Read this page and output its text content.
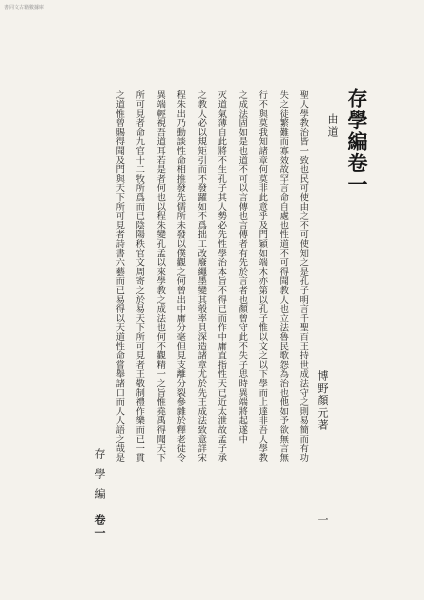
書同文古籍數據庫
存學編卷一
由道
博野顏元著
聖人學教治皆一致也民可使由之不可使知之是孔子明言千聖百王持世成法守之則易簡而有功
失之徒繁難而寡效故罕言命自處也性道不可得聞教人也立法魯民歌怨為治也他如予欲無言無
行不與莫我知諸章何莫非此意乎及門穎如端木亦第以孔子惟以文之以下學而上達非吾人學教
之成法固如是也道不可以言傳也言傳者有先於言者也顏曾守此不失子思時異端將起遂中
灭道氣薄自此將不生孔子其人勢必先性學治本旨不得已而作中庸直指性天已近太泄故孟子承
之教人必以規矩引而不發躍如不爲拙工改廢繩墨變其彀率貝深造諸章尤於先王成法致意詳宋
程朱出乃動談性命相推發先儒所未發以僕觀之何曾出中庸分毫但見支離分裂參雜於釋老徒令
異端輕視吾道耳若是者何也以程朱變孔孟以來學教之成法也何不觀精一之旨惟堯禹得聞天下
所可見者命九官十二牧所爲而已陰陽秩官文周寄之於易天下所可見者王敬制禮作樂而已一貫
之道惟曾賜得聞及門與天下所可見者詩書六藝而已易得以天道性命嘗舉諸口而人人語之哉是
存學編
卷一	一
